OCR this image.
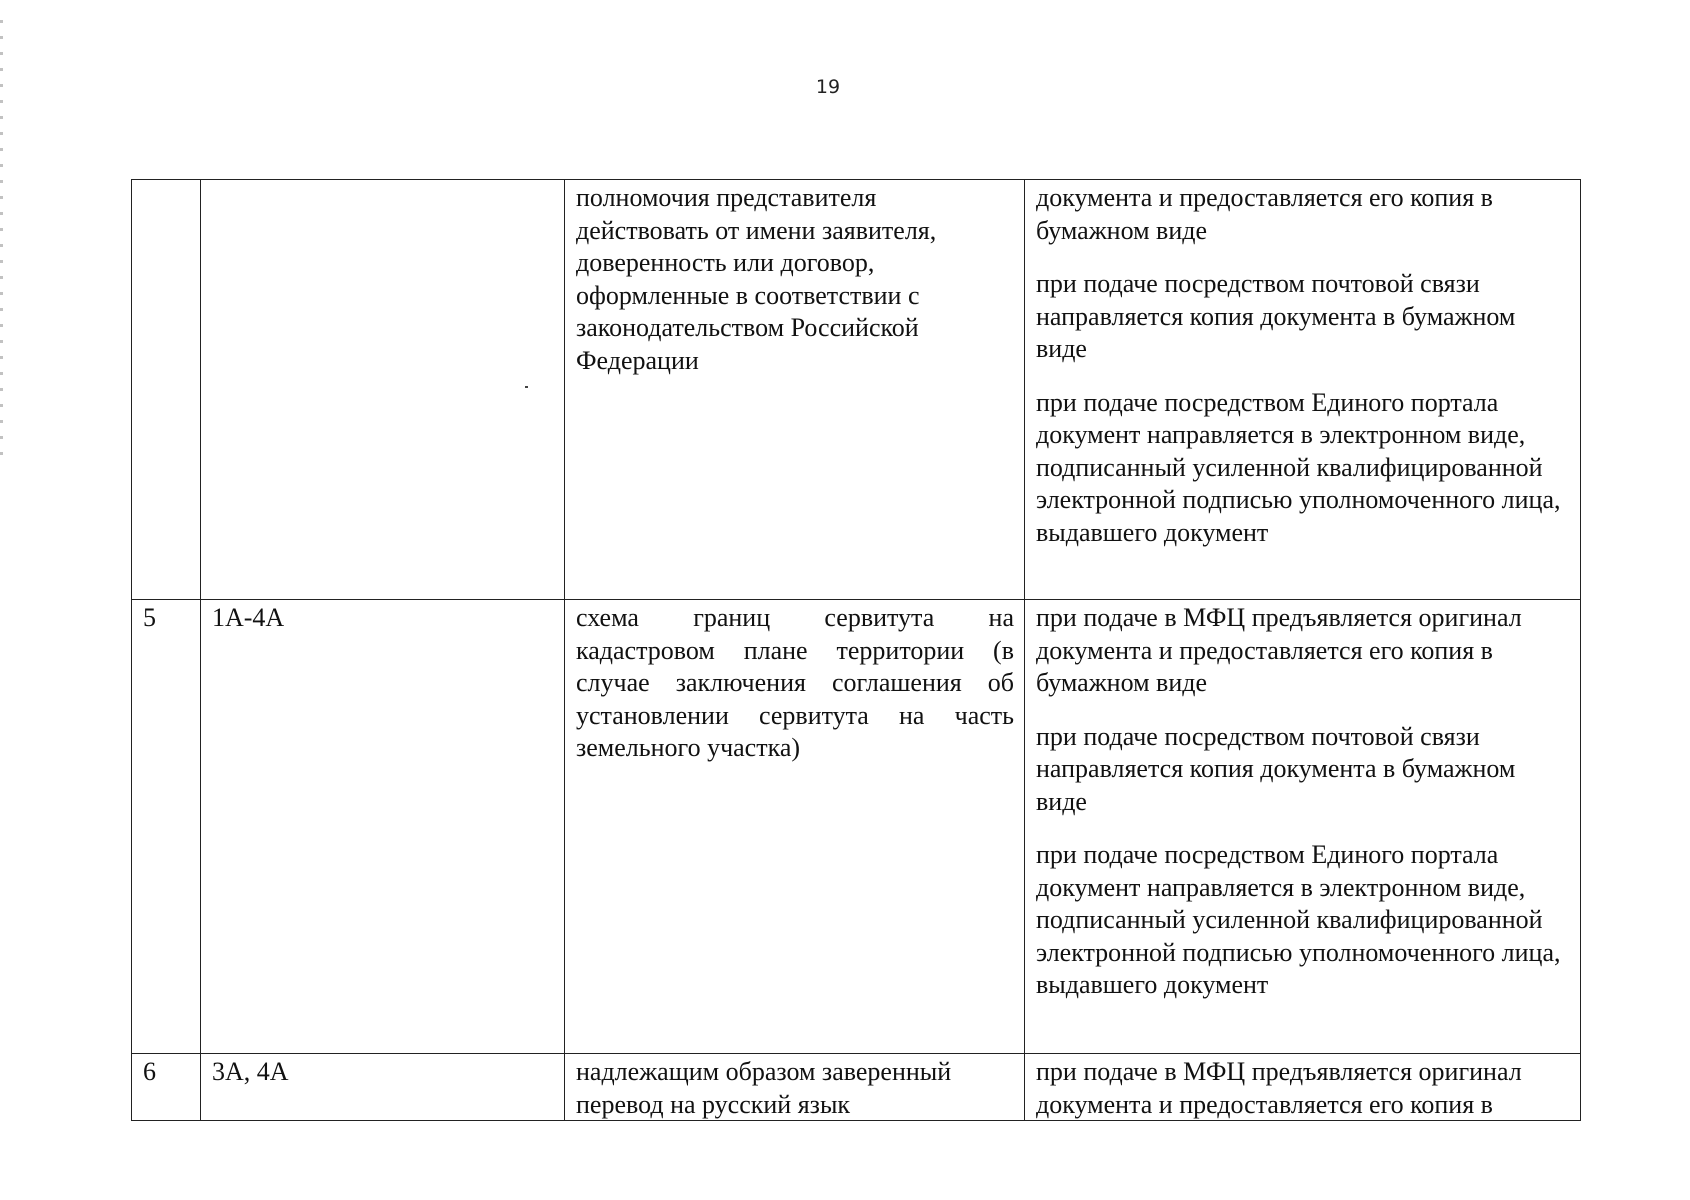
19

		полномочия представителя действовать от имени заявителя, доверенность или договор, оформленные в соответствии с законодательством Российской Федерации	документа и предоставляется его копия в бумажном виде

при подаче посредством почтовой связи направляется копия документа в бумажном виде

при подаче посредством Единого портала документ направляется в электронном виде, подписанный усиленной квалифицированной электронной подписью уполномоченного лица, выдавшего документ

5	1А-4А	схема границ сервитута на кадастровом плане территории (в случае заключения соглашения об установлении сервитута на часть земельного участка)	при подаче в МФЦ предъявляется оригинал документа и предоставляется его копия в бумажном виде

при подаче посредством почтовой связи направляется копия документа в бумажном виде

при подаче посредством Единого портала документ направляется в электронном виде, подписанный усиленной квалифицированной электронной подписью уполномоченного лица, выдавшего документ

6	3А, 4А	надлежащим образом заверенный перевод на русский язык	при подаче в МФЦ предъявляется оригинал документа и предоставляется его копия в
